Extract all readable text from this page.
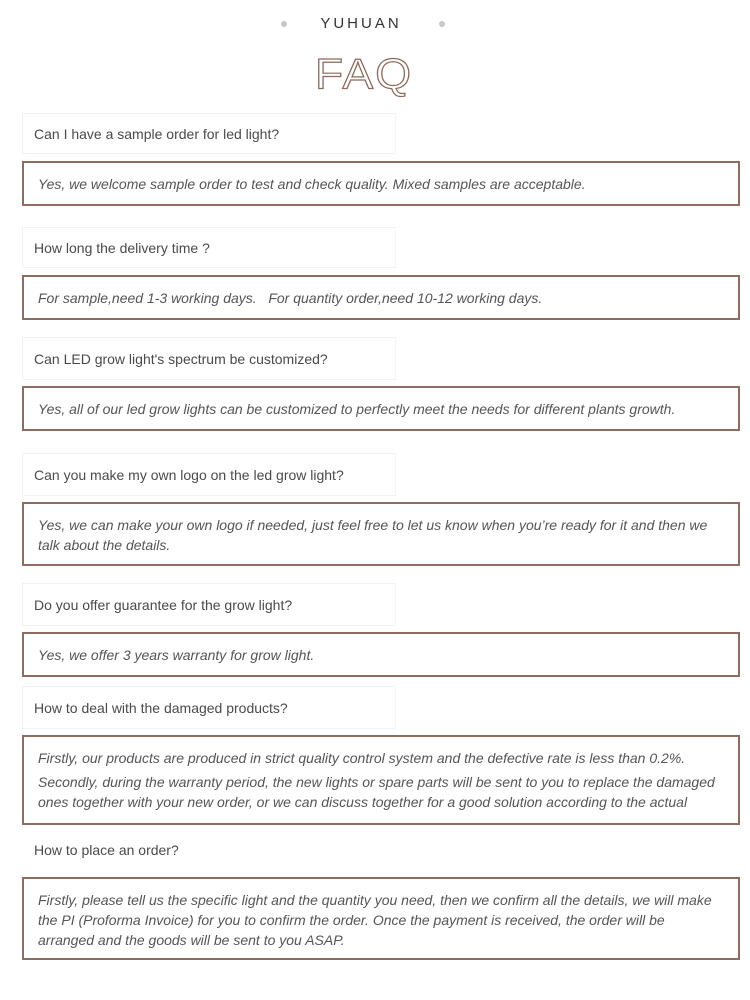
YUHUAN
FAQ
Can I have a sample order for led light?

Yes, we welcome sample order to test and check quality. Mixed samples are acceptable.

How long the delivery time ?

For sample,need 1-3 working days.   For quantity order,need 10-12 working days.

Can LED grow light's spectrum be customized?

Yes, all of our led grow lights can be customized to perfectly meet the needs for different plants growth.

Can you make my own logo on the led grow light?

Yes, we can make your own logo if needed, just feel free to let us know when you’re ready for it and then we talk about the details.

Do you offer guarantee for the grow light?

Yes, we offer 3 years warranty for grow light.

How to deal with the damaged products?

Firstly, our products are produced in strict quality control system and the defective rate is less than 0.2%.

Secondly, during the warranty period, the new lights or spare parts will be sent to you to replace the damaged ones together with your new order, or we can discuss together for a good solution according to the actual

How to place an order?

Firstly, please tell us the specific light and the quantity you need, then we confirm all the details, we will make the PI (Proforma Invoice) for you to confirm the order. Once the payment is received, the order will be arranged and the goods will be sent to you ASAP.
